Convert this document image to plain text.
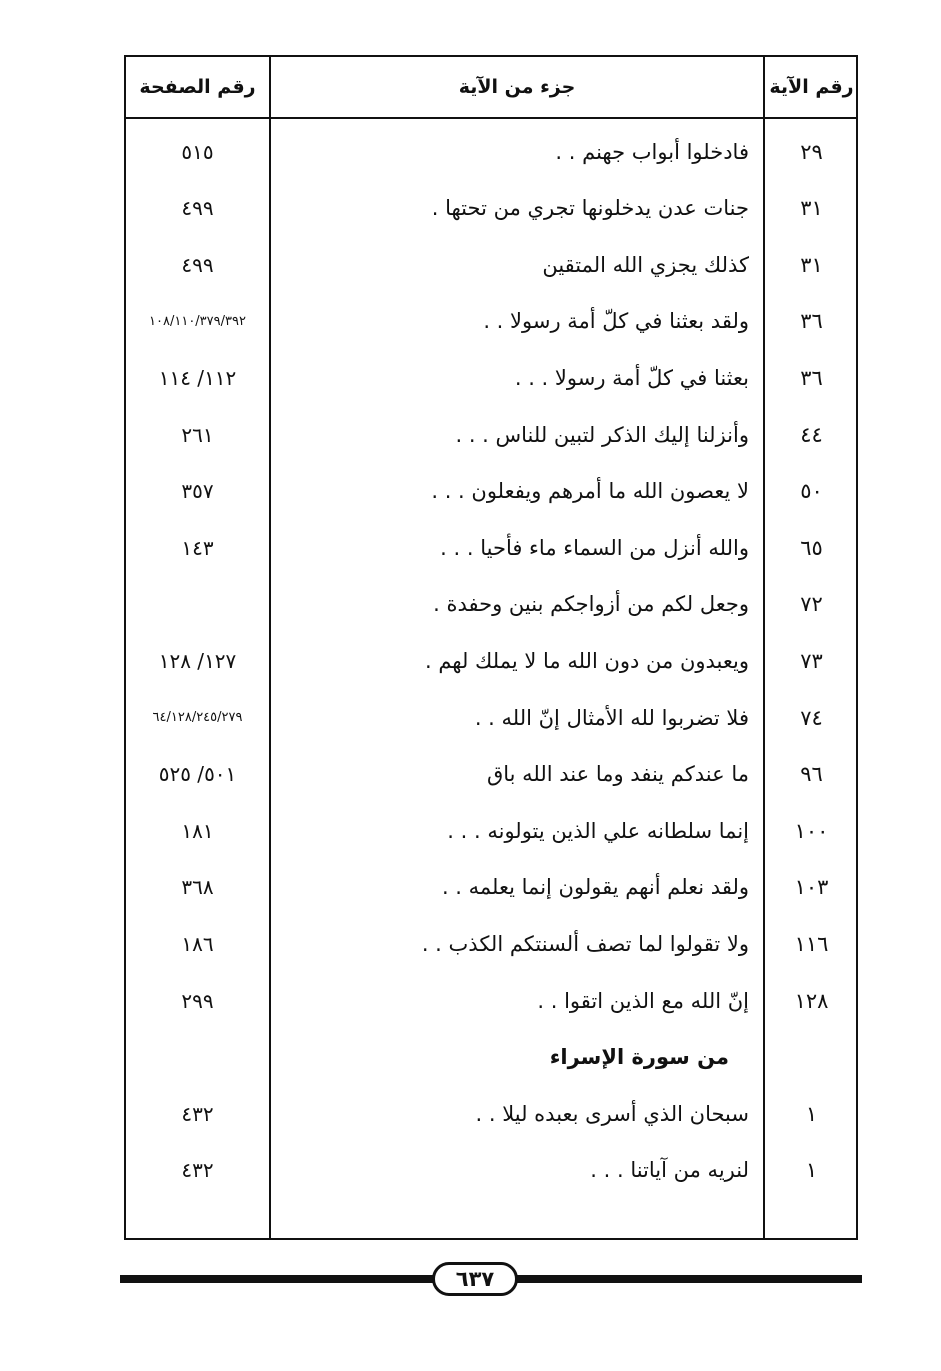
رقم الصفحة	جزء من الآية	رقم الآية
٢٩
فادخلوا أبواب جهنم . .
٥١٥
٣١
جنات عدن يدخلونها تجري من تحتها .
٤٩٩
٣١
كذلك يجزي الله المتقين
٤٩٩
٣٦
ولقد بعثنا في كلّ أمة رسولا . .
١٠٨/١١٠/٣٧٩/٣٩٢
٣٦
بعثنا في كلّ أمة رسولا . . .
١١٢/ ١١٤
٤٤
وأنزلنا إليك الذكر لتبين للناس . . .
٢٦١
٥٠
لا يعصون الله ما أمرهم ويفعلون . . .
٣٥٧
٦٥
والله أنزل من السماء ماء فأحيا . . .
١٤٣
٧٢
وجعل لكم من أزواجكم بنين وحفدة .
٧٣
ويعبدون من دون الله ما لا يملك لهم .
١٢٧/ ١٢٨
٧٤
فلا تضربوا لله الأمثال إنّ الله . .
٦٤/١٢٨/٢٤٥/٢٧٩
٩٦
ما عندكم ينفد وما عند الله باق
٥٠١/ ٥٢٥
١٠٠
إنما سلطانه علي الذين يتولونه . . .
١٨١
١٠٣
ولقد نعلم أنهم يقولون إنما يعلمه . .
٣٦٨
١١٦
ولا تقولوا لما تصف ألسنتكم الكذب . .
١٨٦
١٢٨
إنّ الله مع الذين اتقوا . .
٢٩٩
من سورة الإسراء
١
سبحان الذي أسرى بعبده ليلا . .
٤٣٢
١
لنريه من آياتنا . . .
٤٣٢
٦٣٧
